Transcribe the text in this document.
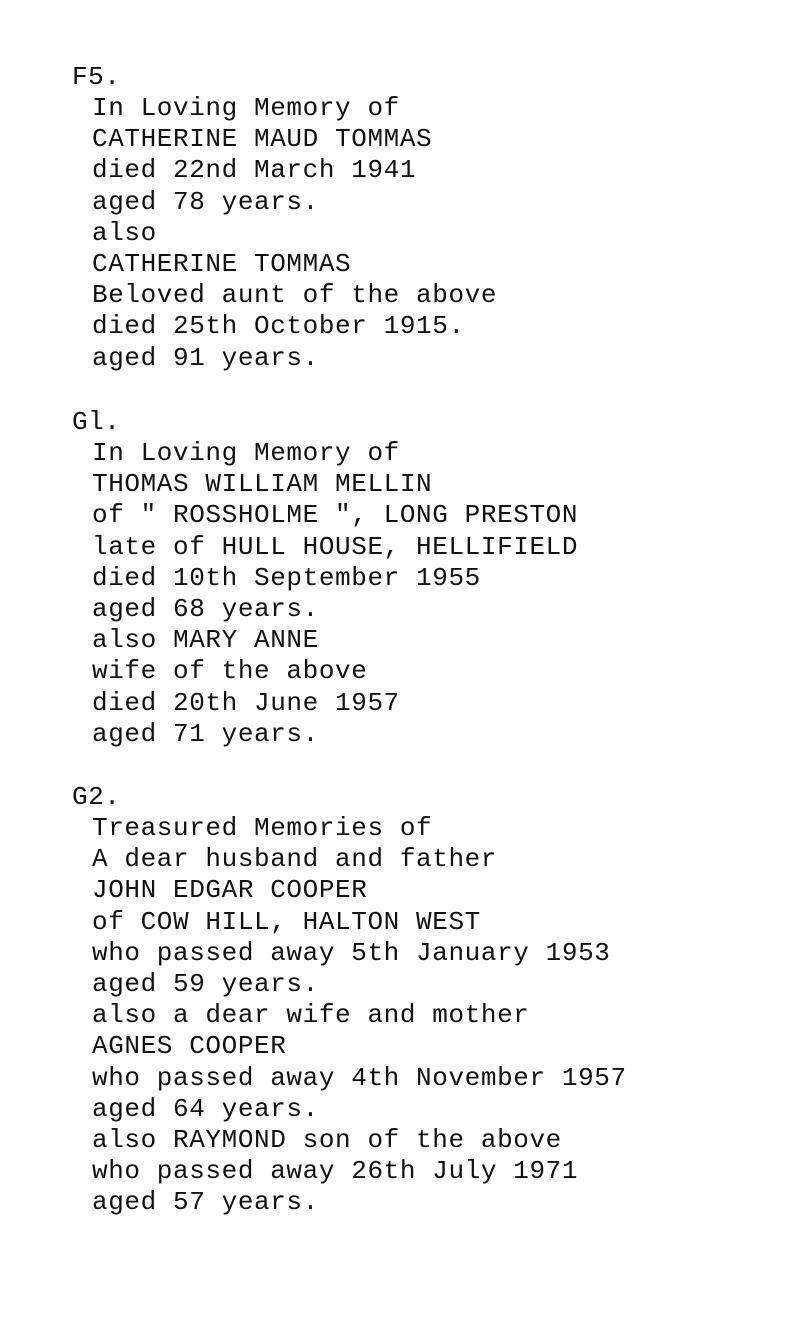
F5.
In Loving Memory of
CATHERINE MAUD TOMMAS
died 22nd March 1941
aged 78 years.
also
CATHERINE TOMMAS
Beloved aunt of the above
died 25th October 1915.
aged 91 years.
Gl.
In Loving Memory of
THOMAS WILLIAM MELLIN
of " ROSSHOLME ", LONG PRESTON
late of HULL HOUSE, HELLIFIELD
died 10th September 1955
aged 68 years.
also MARY ANNE
wife of the above
died 20th June 1957
aged 71 years.
G2.
Treasured Memories of
A dear husband and father
JOHN EDGAR COOPER
of COW HILL, HALTON WEST
who passed away 5th January 1953
aged 59 years.
also a dear wife and mother
AGNES COOPER
who passed away 4th November 1957
aged 64 years.
also RAYMOND son of the above
who passed away 26th July 1971
aged 57 years.
